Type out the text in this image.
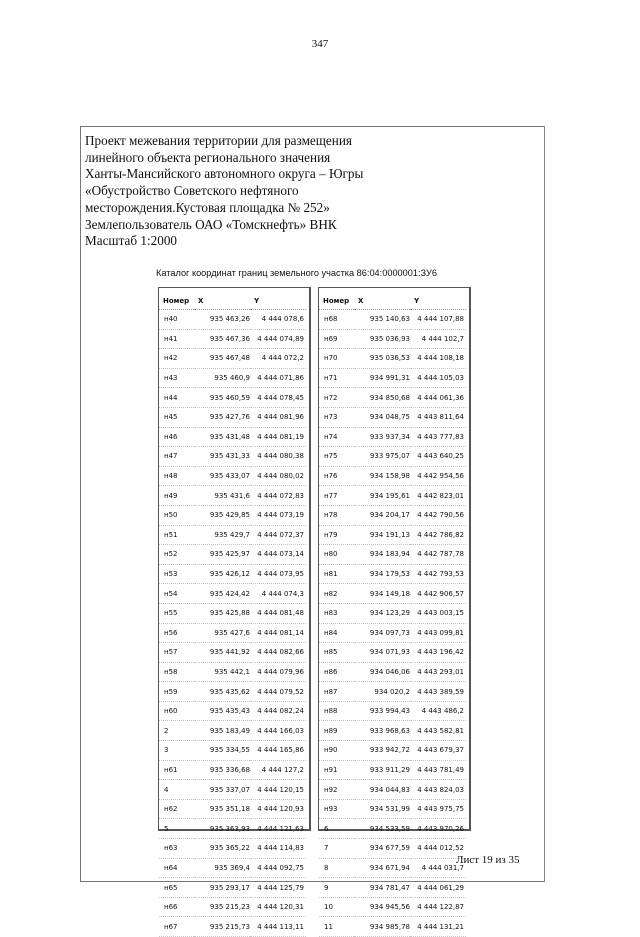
347
Проект межевания территории для размещения
линейного объекта регионального значения
Ханты-Мансийского автономного округа – Югры
«Обустройство Советского нефтяного
месторождения.Кустовая площадка № 252»
Землепользователь ОАО «Томскнефть» ВНК
Масштаб 1:2000
Каталог координат границ земельного участка 86:04:0000001:ЗУ6
Номер	X	Y
н40	935 463,26	4 444 078,6
н41	935 467,36	4 444 074,89
н42	935 467,48	4 444 072,2
н43	935 460,9	4 444 071,86
н44	935 460,59	4 444 078,45
н45	935 427,76	4 444 081,96
н46	935 431,48	4 444 081,19
н47	935 431,33	4 444 080,38
н48	935 433,07	4 444 080,02
н49	935 431,6	4 444 072,83
н50	935 429,85	4 444 073,19
н51	935 429,7	4 444 072,37
н52	935 425,97	4 444 073,14
н53	935 426,12	4 444 073,95
н54	935 424,42	4 444 074,3
н55	935 425,88	4 444 081,48
н56	935 427,6	4 444 081,14
н57	935 441,92	4 444 082,66
н58	935 442,1	4 444 079,96
н59	935 435,62	4 444 079,52
н60	935 435,43	4 444 082,24
2	935 183,49	4 444 166,03
3	935 334,55	4 444 165,86
н61	935 336,68	4 444 127,2
4	935 337,07	4 444 120,15
н62	935 351,18	4 444 120,93
5	935 363,93	4 444 121,63
н63	935 365,22	4 444 114,83
н64	935 369,4	4 444 092,75
н65	935 293,17	4 444 125,79
н66	935 215,23	4 444 120,31
н67	935 215,73	4 444 113,11
Номер	X	Y
н68	935 140,63	4 444 107,88
н69	935 036,93	4 444 102,7
н70	935 036,53	4 444 108,18
н71	934 991,31	4 444 105,03
н72	934 850,68	4 444 061,36
н73	934 048,75	4 443 811,64
н74	933 937,34	4 443 777,83
н75	933 975,07	4 443 640,25
н76	934 158,98	4 442 954,56
н77	934 195,61	4 442 823,01
н78	934 204,17	4 442 790,56
н79	934 191,13	4 442 786,82
н80	934 183,94	4 442 787,78
н81	934 179,53	4 442 793,53
н82	934 149,18	4 442 906,57
н83	934 123,29	4 443 003,15
н84	934 097,73	4 443 099,81
н85	934 071,93	4 443 196,42
н86	934 046,06	4 443 293,01
н87	934 020,2	4 443 389,59
н88	933 994,43	4 443 486,2
н89	933 968,63	4 443 582,81
н90	933 942,72	4 443 679,37
н91	933 911,29	4 443 781,49
н92	934 044,83	4 443 824,03
н93	934 531,99	4 443 975,75
6	934 533,59	4 443 970,26
7	934 677,59	4 444 012,52
8	934 671,94	4 444 031,7
9	934 781,47	4 444 061,29
10	934 945,56	4 444 122,87
11	934 985,78	4 444 131,21
Лист 19 из 35
